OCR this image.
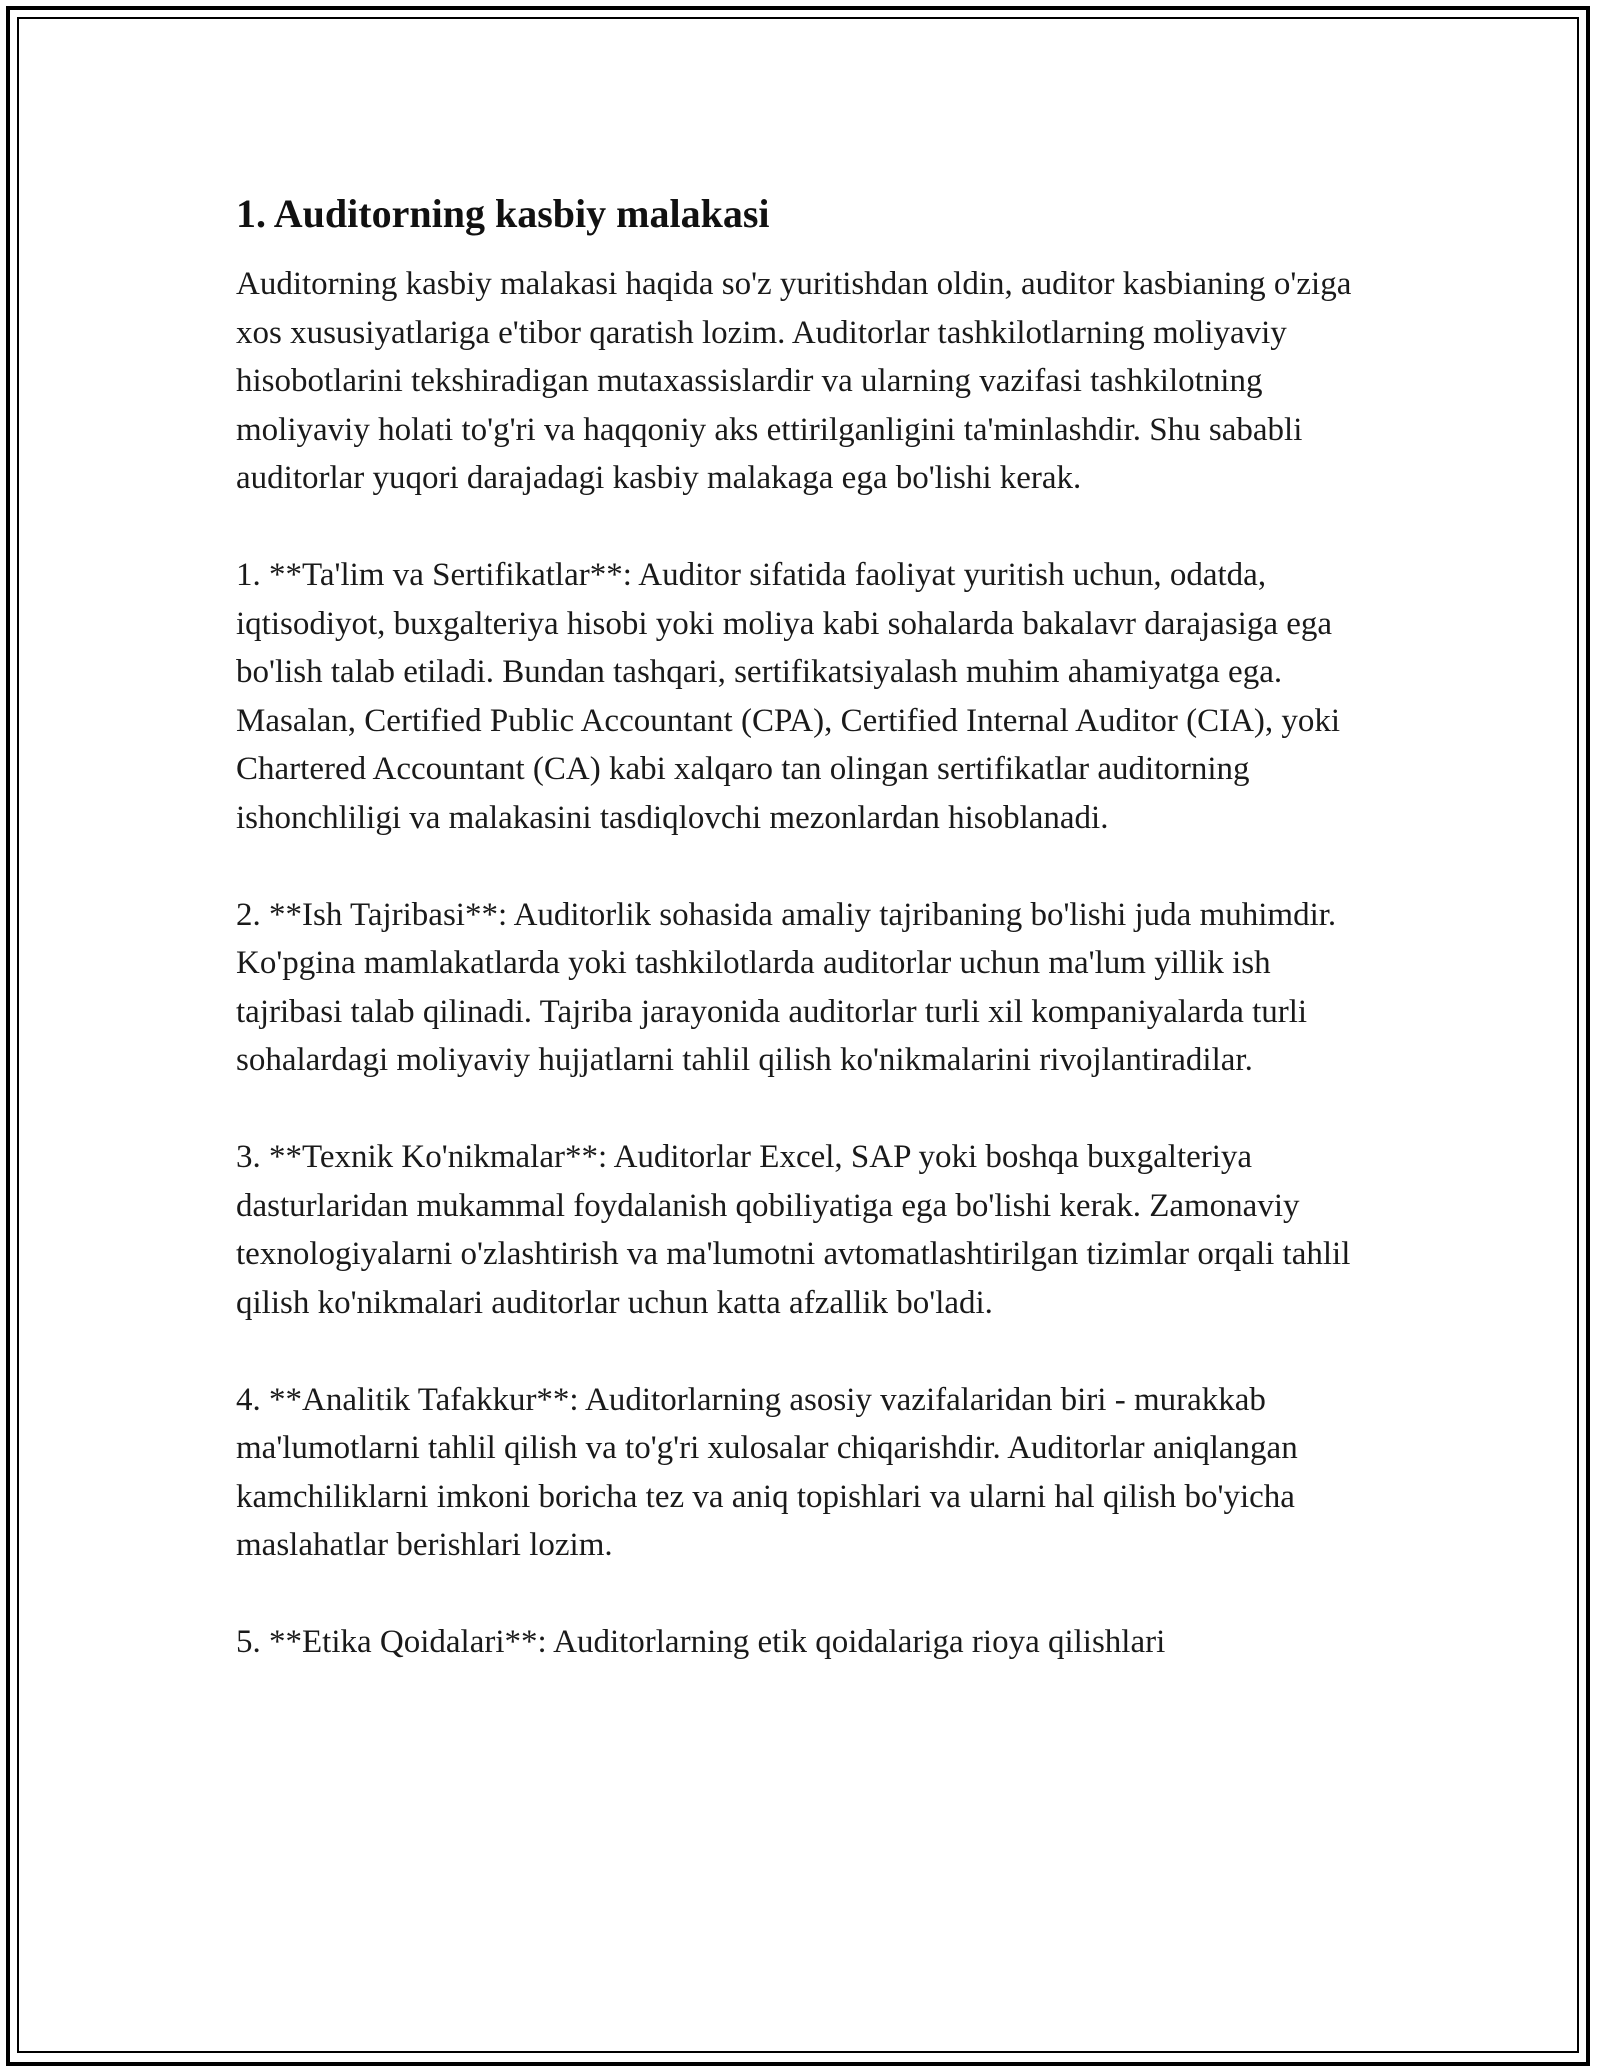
1. Auditorning kasbiy malakasi

Auditorning kasbiy malakasi haqida so'z yuritishdan oldin, auditor kasbianing o'ziga xos xususiyatlariga e'tibor qaratish lozim. Auditorlar tashkilotlarning moliyaviy hisobotlarini tekshiradigan mutaxassislardir va ularning vazifasi tashkilotning moliyaviy holati to'g'ri va haqqoniy aks ettirilganligini ta'minlashdir. Shu sababli auditorlar yuqori darajadagi kasbiy malakaga ega bo'lishi kerak.

1. **Ta'lim va Sertifikatlar**: Auditor sifatida faoliyat yuritish uchun, odatda, iqtisodiyot, buxgalteriya hisobi yoki moliya kabi sohalarda bakalavr darajasiga ega bo'lish talab etiladi. Bundan tashqari, sertifikatsiyalash muhim ahamiyatga ega. Masalan, Certified Public Accountant (CPA), Certified Internal Auditor (CIA), yoki Chartered Accountant (CA) kabi xalqaro tan olingan sertifikatlar auditorning ishonchliligi va malakasini tasdiqlovchi mezonlardan hisoblanadi.

2. **Ish Tajribasi**: Auditorlik sohasida amaliy tajribaning bo'lishi juda muhimdir. Ko'pgina mamlakatlarda yoki tashkilotlarda auditorlar uchun ma'lum yillik ish tajribasi talab qilinadi. Tajriba jarayonida auditorlar turli xil kompaniyalarda turli sohalardagi moliyaviy hujjatlarni tahlil qilish ko'nikmalarini rivojlantiradilar.

3. **Texnik Ko'nikmalar**: Auditorlar Excel, SAP yoki boshqa buxgalteriya dasturlaridan mukammal foydalanish qobiliyatiga ega bo'lishi kerak. Zamonaviy texnologiyalarni o'zlashtirish va ma'lumotni avtomatlashtirilgan tizimlar orqali tahlil qilish ko'nikmalari auditorlar uchun katta afzallik bo'ladi.

4. **Analitik Tafakkur**: Auditorlarning asosiy vazifalaridan biri - murakkab ma'lumotlarni tahlil qilish va to'g'ri xulosalar chiqarishdir. Auditorlar aniqlangan kamchiliklarni imkoni boricha tez va aniq topishlari va ularni hal qilish bo'yicha maslahatlar berishlari lozim.

5. **Etika Qoidalari**: Auditorlarning etik qoidalariga rioya qilishlari
